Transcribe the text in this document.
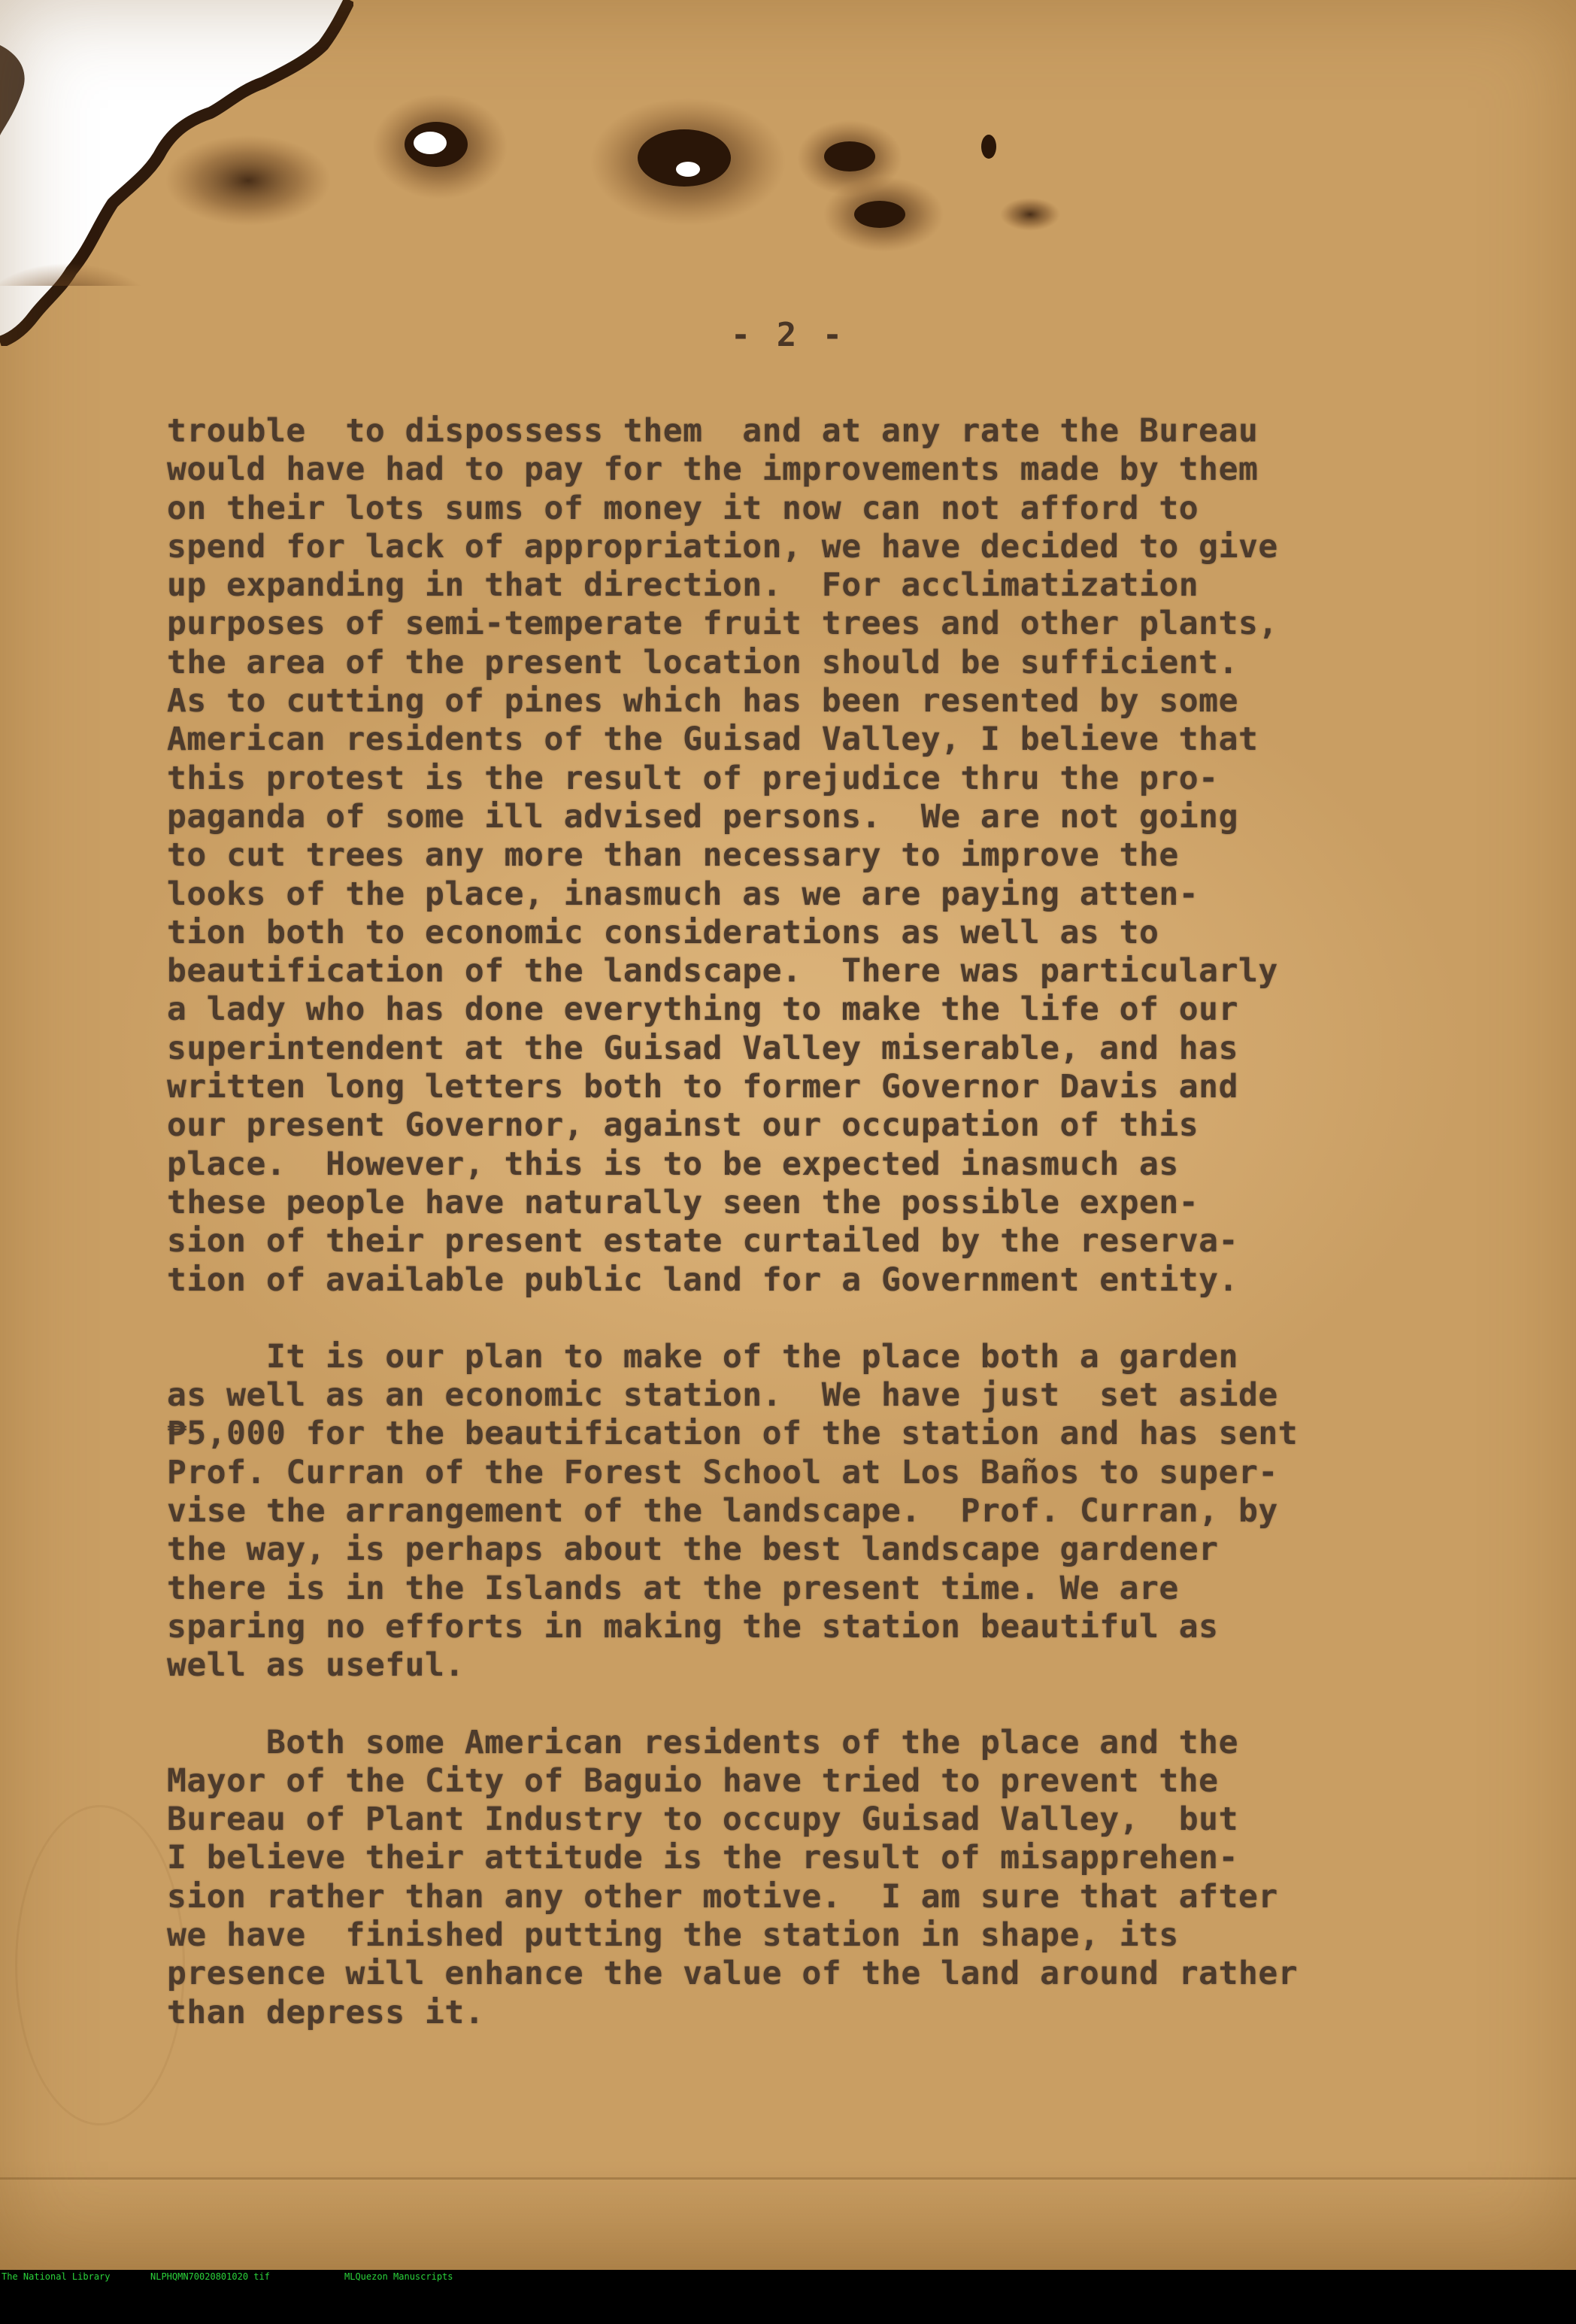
- 2 -
trouble  to dispossess them  and at any rate the Bureau
would have had to pay for the improvements made by them
on their lots sums of money it now can not afford to
spend for lack of appropriation, we have decided to give
up expanding in that direction.  For acclimatization
purposes of semi-temperate fruit trees and other plants,
the area of the present location should be sufficient.
As to cutting of pines which has been resented by some
American residents of the Guisad Valley, I believe that
this protest is the result of prejudice thru the pro-
paganda of some ill advised persons.  We are not going
to cut trees any more than necessary to improve the
looks of the place, inasmuch as we are paying atten-
tion both to economic considerations as well as to
beautification of the landscape.  There was particularly
a lady who has done everything to make the life of our
superintendent at the Guisad Valley miserable, and has
written long letters both to former Governor Davis and
our present Governor, against our occupation of this
place.  However, this is to be expected inasmuch as
these people have naturally seen the possible expen-
sion of their present estate curtailed by the reserva-
tion of available public land for a Government entity.
It is our plan to make of the place both a garden
as well as an economic station.  We have just  set aside
₱5,000 for the beautification of the station and has sent
Prof. Curran of the Forest School at Los Baños to super-
vise the arrangement of the landscape.  Prof. Curran, by
the way, is perhaps about the best landscape gardener
there is in the Islands at the present time. We are
sparing no efforts in making the station beautiful as
well as useful.
Both some American residents of the place and the
Mayor of the City of Baguio have tried to prevent the
Bureau of Plant Industry to occupy Guisad Valley,  but
I believe their attitude is the result of misapprehen-
sion rather than any other motive.  I am sure that after
we have  finished putting the station in shape, its
presence will enhance the value of the land around rather
than depress it.

The National Library

	NLPHQMN70020801020 tif

	MLQuezon Manuscripts
